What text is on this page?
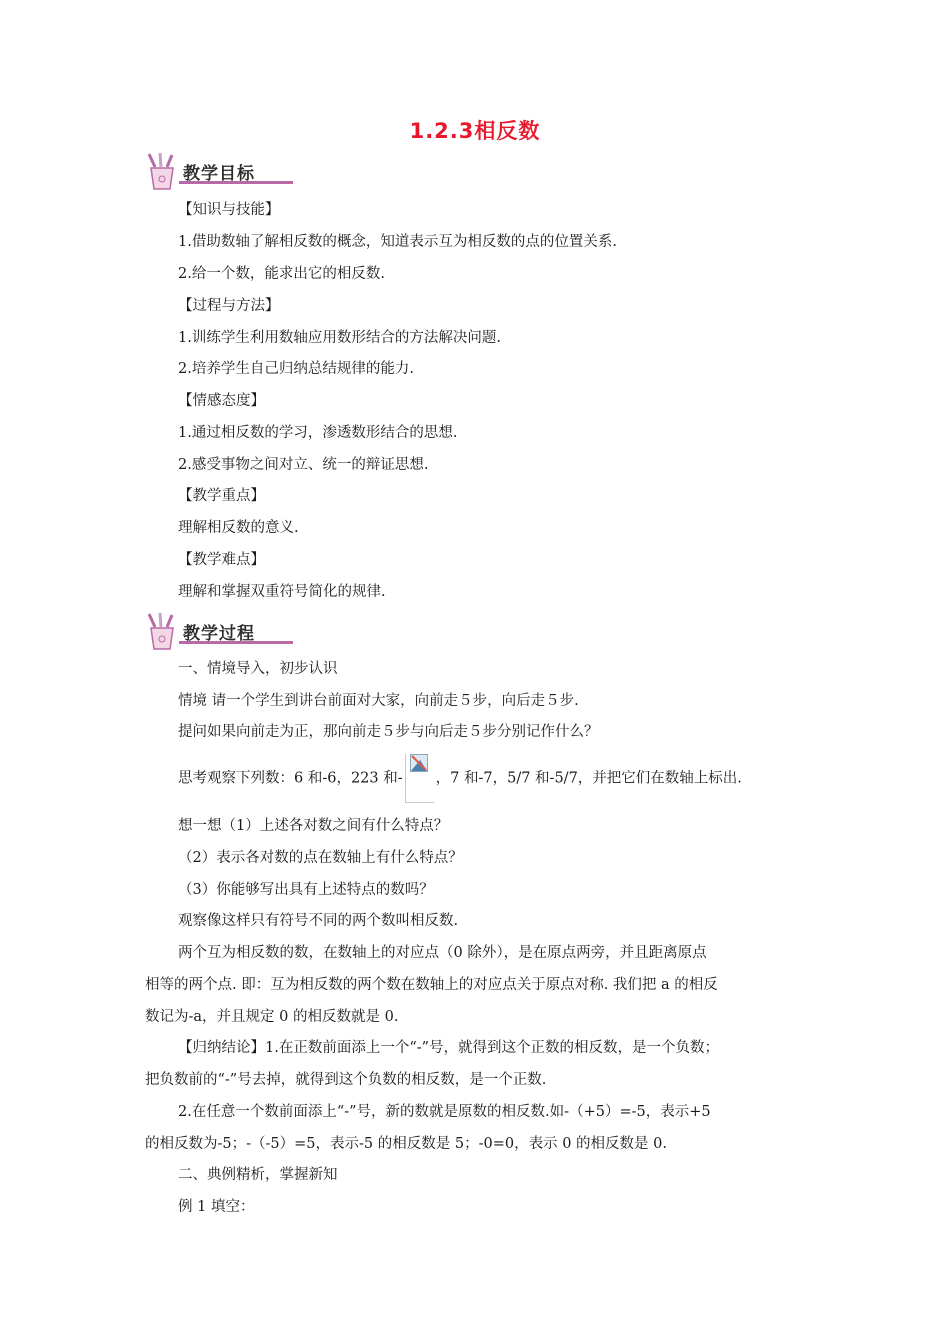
1.2.3相反数
教学目标
【知识与技能】
1.借助数轴了解相反数的概念，知道表示互为相反数的点的位置关系.
2.给一个数，能求出它的相反数.
【过程与方法】
1.训练学生利用数轴应用数形结合的方法解决问题.
2.培养学生自己归纳总结规律的能力.
【情感态度】
1.通过相反数的学习，渗透数形结合的思想.
2.感受事物之间对立、统一的辩证思想.
【教学重点】
理解相反数的意义.
【教学难点】
理解和掌握双重符号简化的规律.
教学过程
一、情境导入，初步认识
情境 请一个学生到讲台前面对大家，向前走５步，向后走５步.
提问如果向前走为正，那向前走５步与向后走５步分别记作什么？
思考观察下列数：6 和-6，223 和- ，7 和-7，5/7 和-5/7，并把它们在数轴上标出.
想一想（1）上述各对数之间有什么特点？
（2）表示各对数的点在数轴上有什么特点？
（3）你能够写出具有上述特点的数吗？
观察像这样只有符号不同的两个数叫相反数.
两个互为相反数的数，在数轴上的对应点（0 除外），是在原点两旁，并且距离原点
相等的两个点. 即：互为相反数的两个数在数轴上的对应点关于原点对称. 我们把 a 的相反
数记为-a，并且规定 0 的相反数就是 0.
【归纳结论】1.在正数前面添上一个“-”号，就得到这个正数的相反数，是一个负数；
把负数前的“-”号去掉，就得到这个负数的相反数，是一个正数.
2.在任意一个数前面添上“-”号，新的数就是原数的相反数.如-（+5）=-5，表示+5
的相反数为-5；-（-5）=5，表示-5 的相反数是 5；-0=0，表示 0 的相反数是 0.
二、典例精析，掌握新知
例 1 填空：
